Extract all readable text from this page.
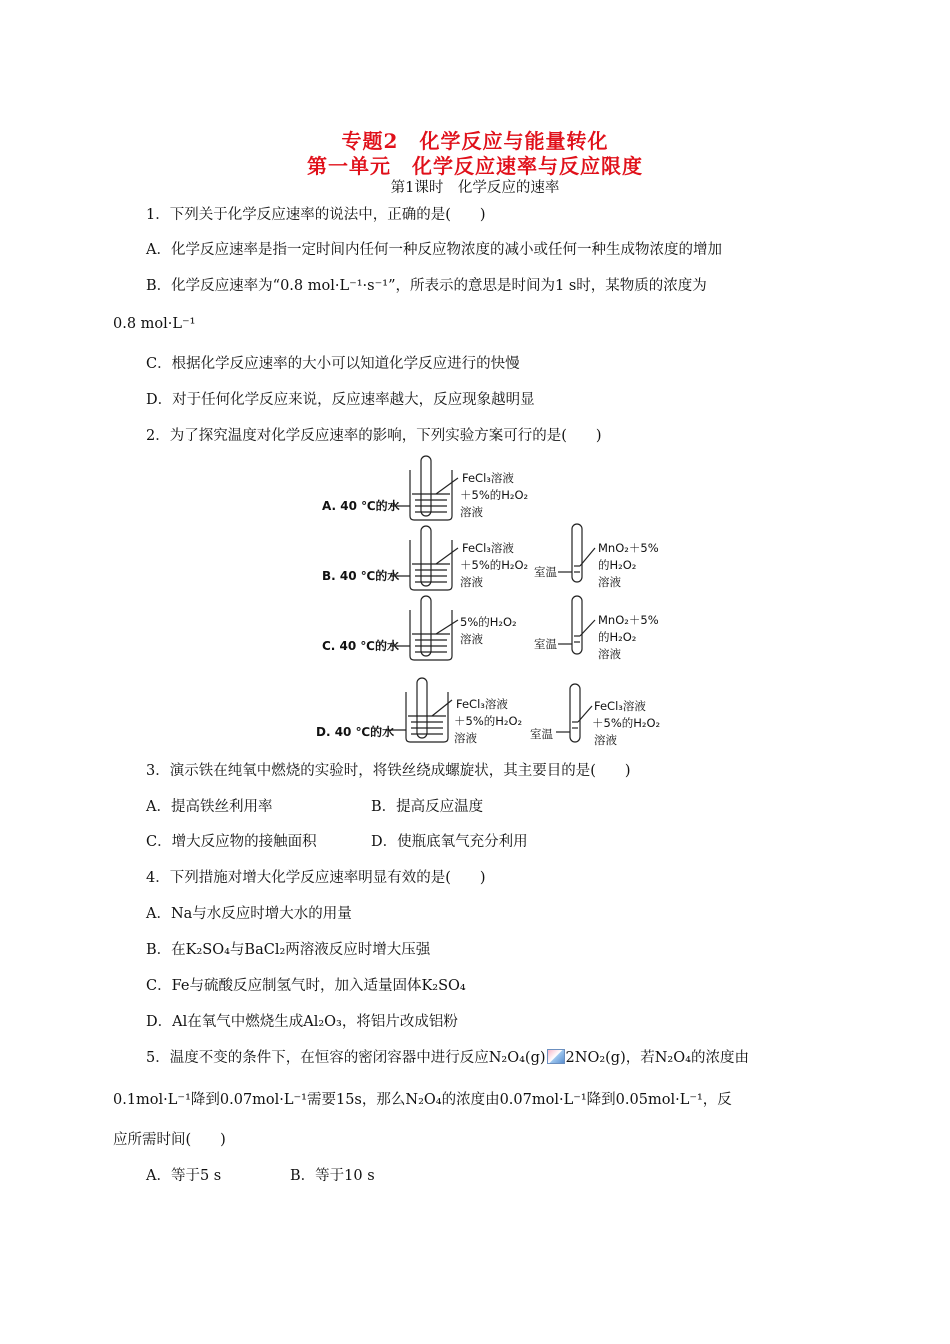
专题2　化学反应与能量转化
第一单元　化学反应速率与反应限度
第1课时　化学反应的速率
1．下列关于化学反应速率的说法中，正确的是(　　)
A．化学反应速率是指一定时间内任何一种反应物浓度的减小或任何一种生成物浓度的增加
B．化学反应速率为“0.8 mol·L⁻¹·s⁻¹”，所表示的意思是时间为1 s时，某物质的浓度为
0.8 mol·L⁻¹
C．根据化学反应速率的大小可以知道化学反应进行的快慢
D．对于任何化学反应来说，反应速率越大，反应现象越明显
2．为了探究温度对化学反应速率的影响，下列实验方案可行的是(　　)
A. 40 ℃的水
FeCl₃溶液
＋5%的H₂O₂
溶液
B. 40 ℃的水
FeCl₃溶液
＋5%的H₂O₂
溶液
室温
MnO₂＋5%
的H₂O₂
溶液
C. 40 ℃的水
5%的H₂O₂
溶液	室温
MnO₂＋5%
的H₂O₂
溶液
D. 40 ℃的水
FeCl₃溶液
＋5%的H₂O₂
溶液	室温
FeCl₃溶液
＋5%的H₂O₂
溶液
3．演示铁在纯氧中燃烧的实验时，将铁丝绕成螺旋状，其主要目的是(　　)
A．提高铁丝利用率	B．提高反应温度
C．增大反应物的接触面积	D．使瓶底氧气充分利用
4．下列措施对增大化学反应速率明显有效的是(　　)
A．Na与水反应时增大水的用量
B．在K₂SO₄与BaCl₂两溶液反应时增大压强
C．Fe与硫酸反应制氢气时，加入适量固体K₂SO₄
D．Al在氧气中燃烧生成Al₂O₃，将铝片改成铝粉
5．温度不变的条件下，在恒容的密闭容器中进行反应N₂O₄(g) 2NO₂(g)，若N₂O₄的浓度由
0.1mol·L⁻¹降到0.07mol·L⁻¹需要15s，那么N₂O₄的浓度由0.07mol·L⁻¹降到0.05mol·L⁻¹，反
应所需时间(　　)
A．等于5 s	B．等于10 s
